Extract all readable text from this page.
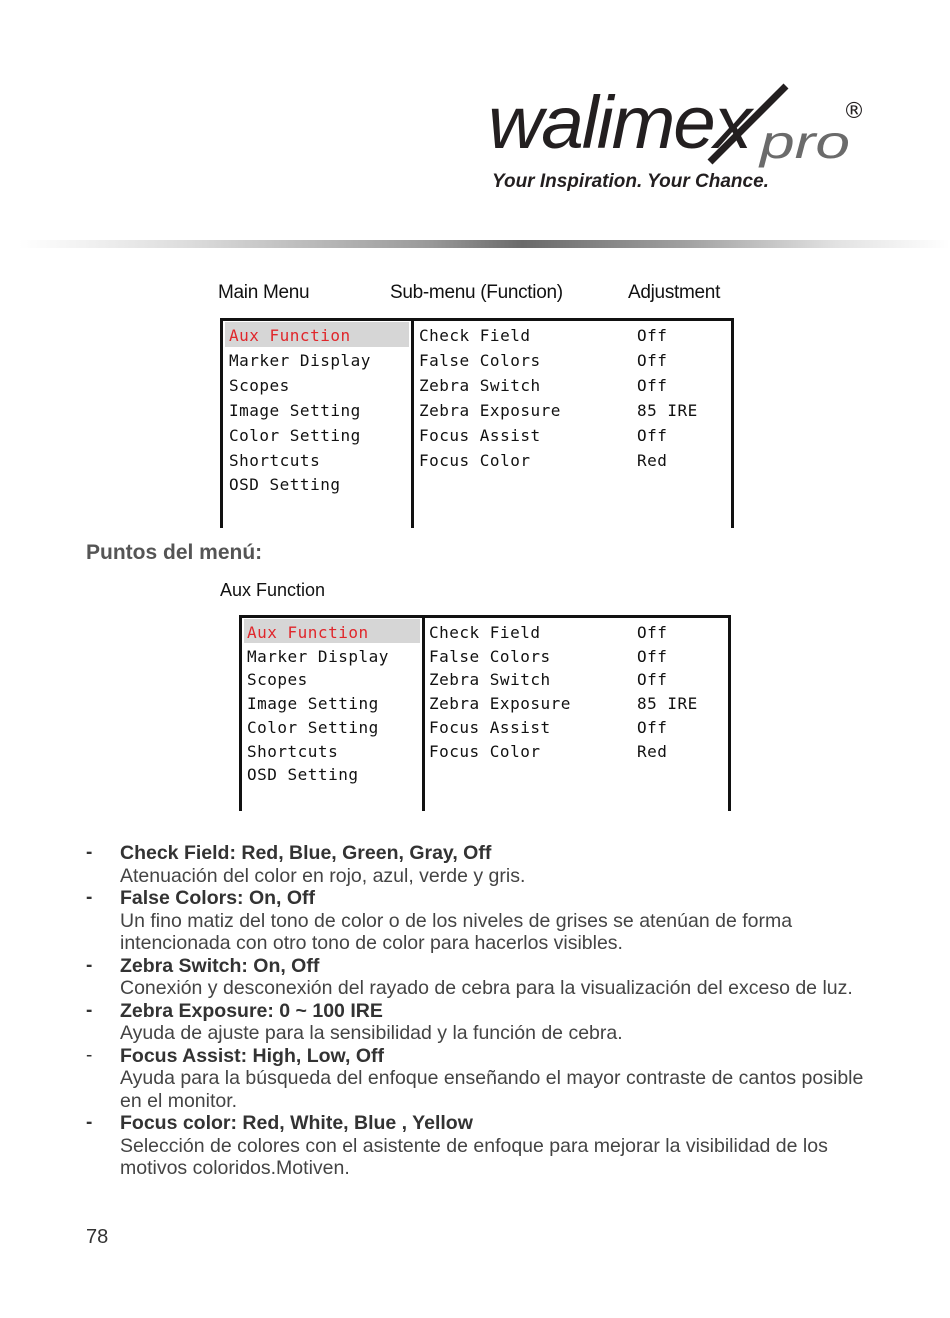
walimex pro
®
Your Inspiration. Your Chance.
Main Menu	Sub-menu (Function)	Adjustment
Aux Function
Marker Display
Scopes
Image Setting
Color Setting
Shortcuts
OSD Setting
Check Field
False Colors
Zebra Switch
Zebra Exposure
Focus Assist
Focus Color
Off
Off
Off
85 IRE
Off
Red
Puntos del menú:
Aux Function
Aux Function
Marker Display
Scopes
Image Setting
Color Setting
Shortcuts
OSD Setting
Check Field
False Colors
Zebra Switch
Zebra Exposure
Focus Assist
Focus Color
Off
Off
Off
85 IRE
Off
Red
- Check Field: Red, Blue, Green, Gray, Off
Atenuación del color en rojo, azul, verde y gris.
- False Colors: On, Off
Un fino matiz del tono de color o de los niveles de grises se atenúan de forma intencionada con otro tono de color para hacerlos visibles.
- Zebra Switch: On, Off
Conexión y desconexión del rayado de cebra para la visualización del exceso de luz.
- Zebra Exposure: 0 ~ 100 IRE
Ayuda de ajuste para la sensibilidad y la función de cebra.
- Focus Assist: High, Low, Off
Ayuda para la búsqueda del enfoque enseñando el mayor contraste de cantos posible en el monitor.
- Focus color: Red, White, Blue , Yellow
Selección de colores con el asistente de enfoque para mejorar la visibilidad de los motivos coloridos.Motiven.
78
